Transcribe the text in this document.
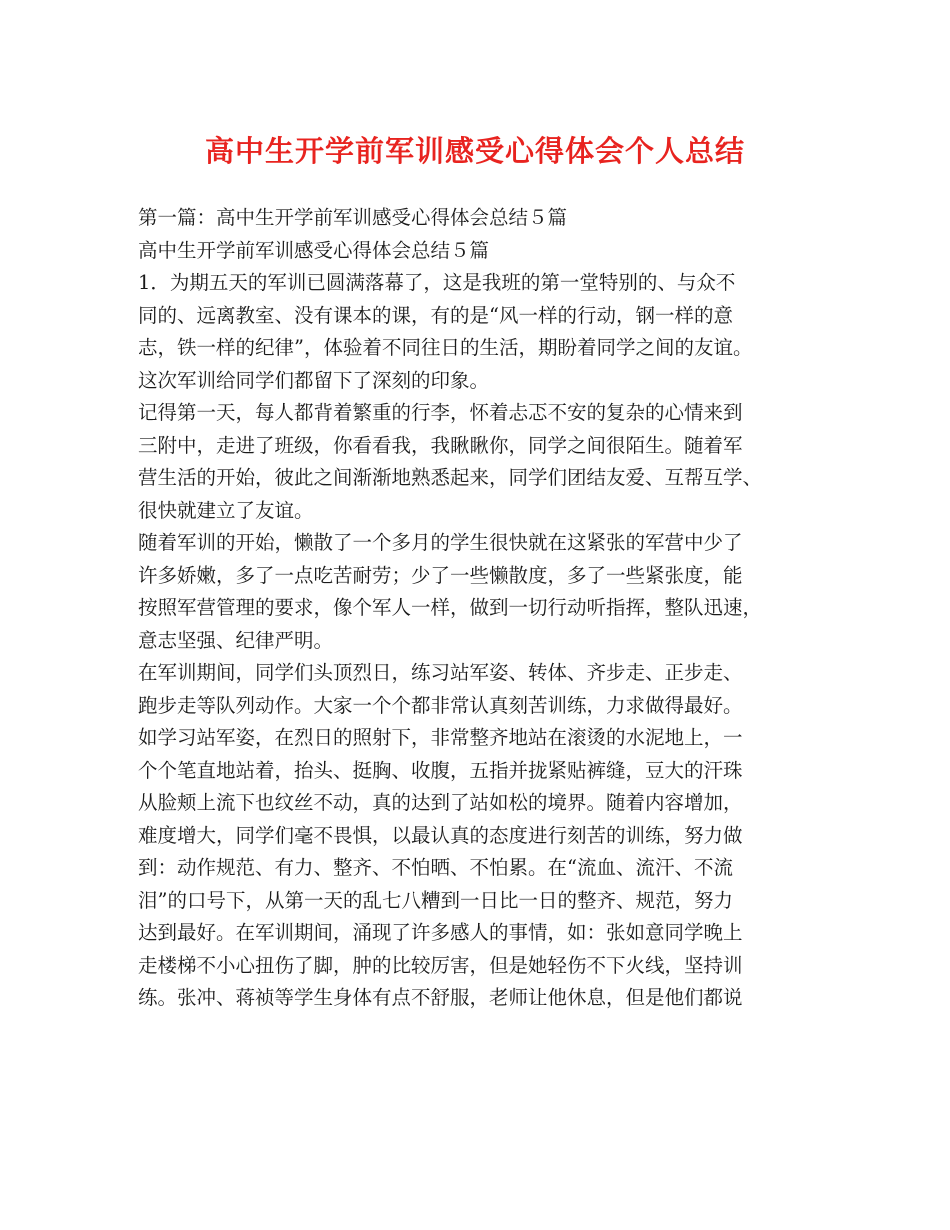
高中生开学前军训感受心得体会个人总结
第一篇：高中生开学前军训感受心得体会总结５篇
高中生开学前军训感受心得体会总结５篇
1．为期五天的军训已圆满落幕了，这是我班的第一堂特别的、与众不
同的、远离教室、没有课本的课，有的是“风一样的行动，钢一样的意
志，铁一样的纪律”，体验着不同往日的生活，期盼着同学之间的友谊。
这次军训给同学们都留下了深刻的印象。
记得第一天，每人都背着繁重的行李，怀着忐忑不安的复杂的心情来到
三附中，走进了班级，你看看我，我瞅瞅你，同学之间很陌生。随着军
营生活的开始，彼此之间渐渐地熟悉起来，同学们团结友爱、互帮互学、
很快就建立了友谊。
随着军训的开始，懒散了一个多月的学生很快就在这紧张的军营中少了
许多娇嫩，多了一点吃苦耐劳；少了一些懒散度，多了一些紧张度，能
按照军营管理的要求，像个军人一样，做到一切行动听指挥，整队迅速，
意志坚强、纪律严明。
在军训期间，同学们头顶烈日，练习站军姿、转体、齐步走、正步走、
跑步走等队列动作。大家一个个都非常认真刻苦训练，力求做得最好。
如学习站军姿，在烈日的照射下，非常整齐地站在滚烫的水泥地上，一
个个笔直地站着，抬头、挺胸、收腹，五指并拢紧贴裤缝，豆大的汗珠
从脸颊上流下也纹丝不动，真的达到了站如松的境界。随着内容增加，
难度增大，同学们毫不畏惧，以最认真的态度进行刻苦的训练，努力做
到：动作规范、有力、整齐、不怕晒、不怕累。在“流血、流汗、不流
泪”的口号下，从第一天的乱七八糟到一日比一日的整齐、规范，努力
达到最好。在军训期间，涌现了许多感人的事情，如：张如意同学晚上
走楼梯不小心扭伤了脚，肿的比较厉害，但是她轻伤不下火线，坚持训
练。张冲、蒋祯等学生身体有点不舒服，老师让他休息，但是他们都说
